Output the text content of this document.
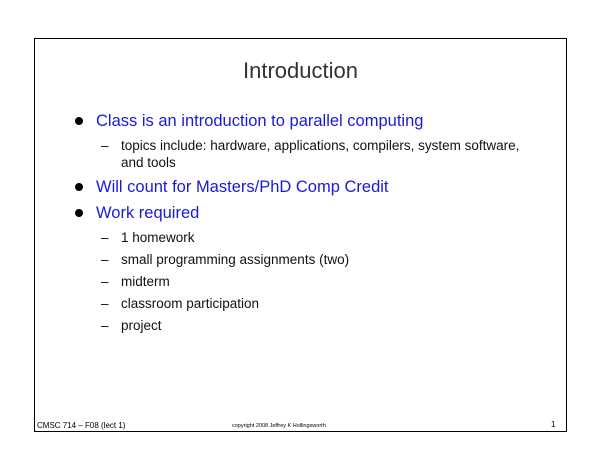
Introduction
Class is an introduction to parallel computing
– topics include: hardware, applications, compilers, system software, and tools
Will count for Masters/PhD Comp Credit
Work required
– 1 homework
– small programming assignments (two)
– midterm
– classroom participation
– project
CMSC 714 – F08 (lect 1)	copyright 2008 Jeffrey K Hollingsworth	1
